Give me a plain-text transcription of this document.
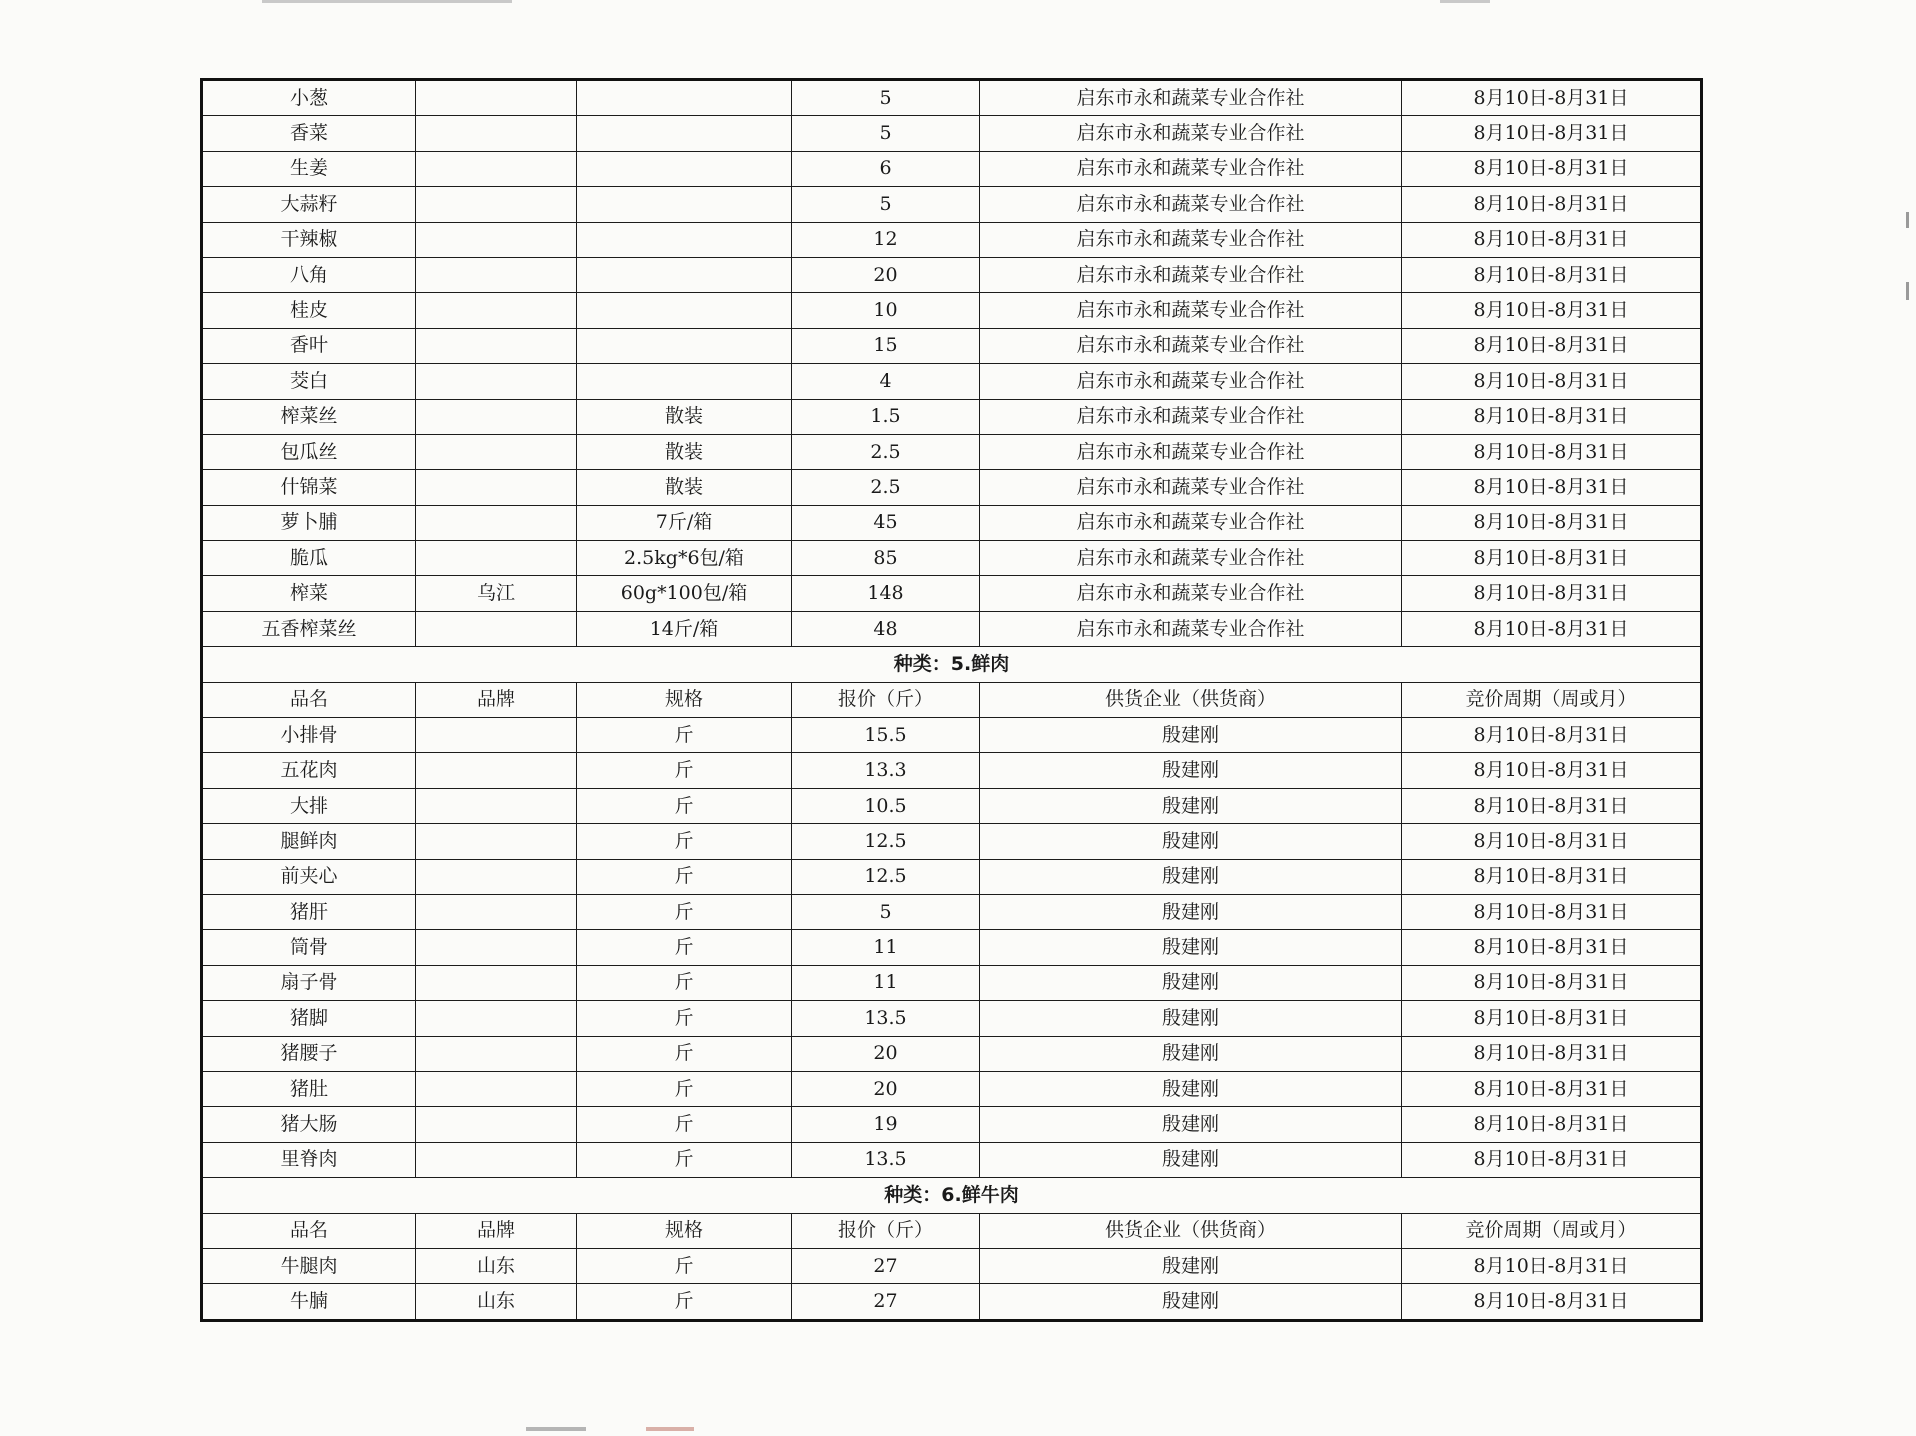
小葱			5	启东市永和蔬菜专业合作社	8月10日-8月31日
香菜			5	启东市永和蔬菜专业合作社	8月10日-8月31日
生姜			6	启东市永和蔬菜专业合作社	8月10日-8月31日
大蒜籽			5	启东市永和蔬菜专业合作社	8月10日-8月31日
干辣椒			12	启东市永和蔬菜专业合作社	8月10日-8月31日
八角			20	启东市永和蔬菜专业合作社	8月10日-8月31日
桂皮			10	启东市永和蔬菜专业合作社	8月10日-8月31日
香叶			15	启东市永和蔬菜专业合作社	8月10日-8月31日
茭白			4	启东市永和蔬菜专业合作社	8月10日-8月31日
榨菜丝		散装	1.5	启东市永和蔬菜专业合作社	8月10日-8月31日
包瓜丝		散装	2.5	启东市永和蔬菜专业合作社	8月10日-8月31日
什锦菜		散装	2.5	启东市永和蔬菜专业合作社	8月10日-8月31日
萝卜脯		7斤/箱	45	启东市永和蔬菜专业合作社	8月10日-8月31日
脆瓜		2.5kg*6包/箱	85	启东市永和蔬菜专业合作社	8月10日-8月31日
榨菜	乌江	60g*100包/箱	148	启东市永和蔬菜专业合作社	8月10日-8月31日
五香榨菜丝		14斤/箱	48	启东市永和蔬菜专业合作社	8月10日-8月31日
种类：5.鲜肉					
品名	品牌	规格	报价（斤）	供货企业（供货商）	竞价周期（周或月）
小排骨		斤	15.5	殷建刚	8月10日-8月31日
五花肉		斤	13.3	殷建刚	8月10日-8月31日
大排		斤	10.5	殷建刚	8月10日-8月31日
腿鲜肉		斤	12.5	殷建刚	8月10日-8月31日
前夹心		斤	12.5	殷建刚	8月10日-8月31日
猪肝		斤	5	殷建刚	8月10日-8月31日
筒骨		斤	11	殷建刚	8月10日-8月31日
扇子骨		斤	11	殷建刚	8月10日-8月31日
猪脚		斤	13.5	殷建刚	8月10日-8月31日
猪腰子		斤	20	殷建刚	8月10日-8月31日
猪肚		斤	20	殷建刚	8月10日-8月31日
猪大肠		斤	19	殷建刚	8月10日-8月31日
里脊肉		斤	13.5	殷建刚	8月10日-8月31日
种类：6.鲜牛肉					
品名	品牌	规格	报价（斤）	供货企业（供货商）	竞价周期（周或月）
牛腿肉	山东	斤	27	殷建刚	8月10日-8月31日
牛腩	山东	斤	27	殷建刚	8月10日-8月31日
